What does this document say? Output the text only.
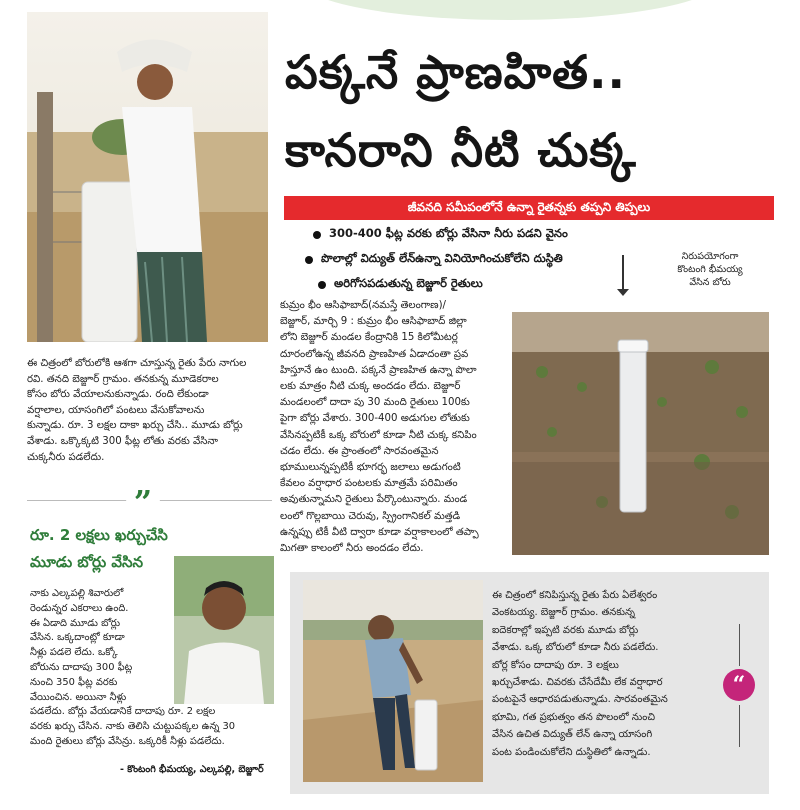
పక్కనే ప్రాణహిత..
కానరాని నీటి చుక్క
జీవనది సమీపంలోనే ఉన్నా రైతన్నకు తప్పని తిప్పలు
300-400 ఫీట్ల వరకు బోర్లు వేసినా నీరు పడని వైనం
పొలాల్లో విద్యుత్ లేన్‌ఉన్నా వినియోగించుకోలేని దుస్థితి
అరిగోసపడుతున్న బెజ్జూర్ రైతులు
నిరుపయోగంగా
కొంటంగి భీమయ్య
వేసిన బోరు
ఈ చిత్రంలో బోరులోకి ఆశగా చూస్తున్న రైతు పేరు నాగుల
రవి. తనది బెజ్జూర్ గ్రామం. తనకున్న మూడెకరాల
కోసం బోరు వేయాలనుకున్నాడు. రంది లేకుండా
వర్షాలాల, యాసంగిలో పంటలు వేసుకోవాలను
కున్నాడు. రూ. 3 లక్షల దాకా ఖర్చు చేసి.. మూడు బోర్లు
వేశాడు. ఒక్కొక్కటి 300 ఫీట్ల లోతు వరకు వేసినా
చుక్కనీరు పడలేదు.
కుమ్రం భీం ఆసిఫాబాద్(నమస్తే తెలంగాణ)/
బెజ్జూర్, మార్చి 9 : కుమ్రం భీం ఆసిఫాబాద్ జిల్లా
లోని బెజ్జూర్ మండల కేంద్రానికి 15 కిలోమీటర్ల
దూరంలోఉన్న జీవనది ప్రాణహిత ఏడాదంతా ప్రవ
హిస్తూనే ఉం టుంది. పక్కనే ప్రాణహిత ఉన్నా పొలా
లకు మాత్రం నీటి చుక్క అందడం లేదు. బెజ్జూర్
మండలంలో దాదా పు 30 మంది రైతులు 100కు
పైగా బోర్లు వేశారు. 300-400 అడుగుల లోతుకు
వేసినప్పటికీ ఒక్క బోరులో కూడా నీటి చుక్క కనిపిం
చడం లేదు. ఈ ప్రాంతంలో సారవంతమైన
భూములున్నప్పటికీ భూగర్భ జలాలు అడుగంటి
కేవలం వర్షాధార పంటలకు మాత్రమే పరిమితం
అవుతున్నామని రైతులు పేర్కొంటున్నారు. మండ
లంలో గొల్లబాయి చెరువు, స్ప్రింగానికల్ మత్తడి
ఉన్నప్పు టికీ వీటి ద్వారా కూడా వర్షాకాలంలో తప్పా
మిగతా కాలంలో నీరు అందడం లేదు.
”
రూ. 2 లక్షలు ఖర్చుచేసి
మూడు బోర్లు వేసిన
నాకు ఎల్కపల్లి శివారులో
రెండున్నర ఎకరాలు ఉంది.
ఈ ఏడాది మూడు బోర్లు
వేసిన. ఒక్కదాంట్లో కూడా
నీళ్లు పడలె లేదు. ఒక్కో
బోరును దాదాపు 300 ఫీట్ల
నుంచి 350 ఫీట్ల వరకు
వేయించిన. అయినా నీళ్లు
పడలేదు. బోర్లు వేయడానికే దాదాపు రూ. 2 లక్షల
వరకు ఖర్చు చేసిన. నాకు తెలిసి చుట్టుపక్కల ఉన్న 30
మంది రైతులు బోర్లు వేసిన్రు. ఒక్కరికీ నీళ్లు పడలేదు.
- కొంటంగి భీమయ్య, ఎల్కపల్లి, బెజ్జూర్
ఈ చిత్రంలో కనిపిస్తున్న రైతు పేరు ఏలేశ్వరం
వెంకటయ్య. బెజ్జూర్ గ్రామం. తనకున్న
ఐదెకరాల్లో ఇప్పటి వరకు మూడు బోర్లు
వేశాడు. ఒక్క బోరులో కూడా నీరు పడలేదు.
బోర్ల కోసం దాదాపు రూ. 3 లక్షలు
ఖర్చుచేశాడు. చివరకు చేసేదేమీ లేక వర్షాధార
పంటపైనే ఆధారపడుతున్నాడు. సారవంతమైన
భూమి, గత ప్రభుత్వం తన పొలంలో నుంచి
వేసిన ఉచిత విద్యుత్ లేన్ ఉన్నా యాసంగి
పంట పండించుకోలేని దుస్థితిలో ఉన్నాడు.
“
